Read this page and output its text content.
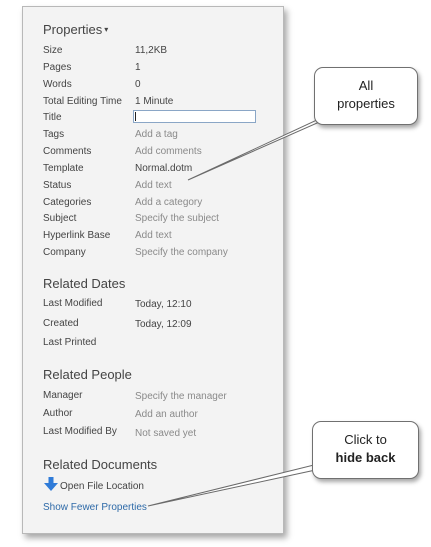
Properties ▾
Size	11,2KB
Pages	1
Words	0
Total Editing Time 1 Minute
Title
Tags	Add a tag
Comments	Add comments
Template	Normal.dotm
Status	Add text
Categories	Add a category
Subject	Specify the subject
Hyperlink Base Add text
Company	Specify the company
Related Dates
Last Modified	Today, 12:10
Created	Today, 12:09
Last Printed
Related People
Manager	Specify the manager
Author	Add an author
Last Modified By Not saved yet
Related Documents
Open File Location
Show Fewer Properties
All
properties
Click to
hide back
